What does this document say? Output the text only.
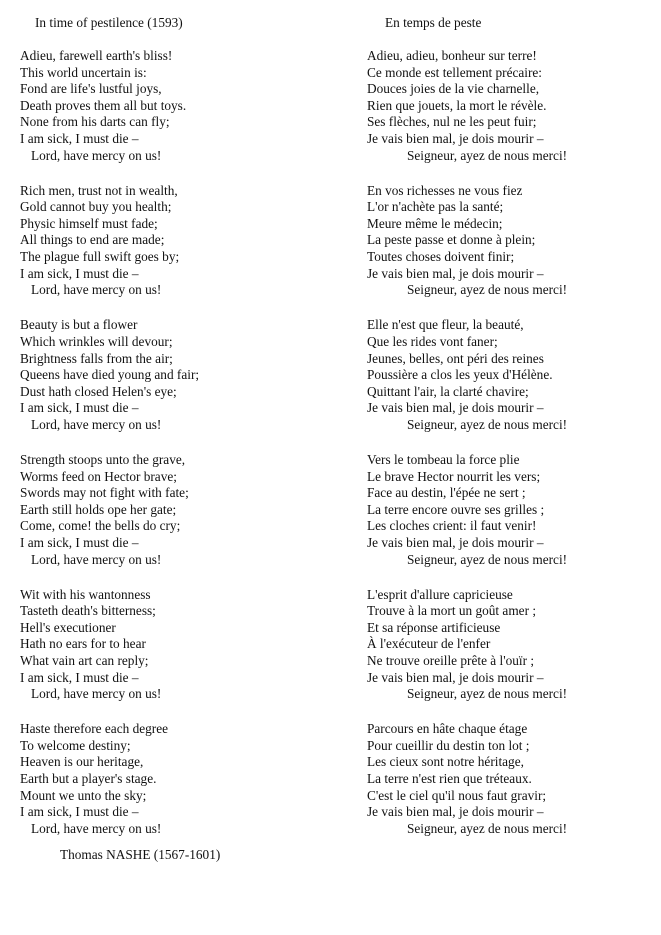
In time of pestilence (1593)	En temps de peste
Adieu, farewell earth's bliss!
This world uncertain is:
Fond are life's lustful joys,
Death proves them all but toys.
None from his darts can fly;
I am sick, I must die –
Lord, have mercy on us!
Rich men, trust not in wealth,
Gold cannot buy you health;
Physic himself must fade;
All things to end are made;
The plague full swift goes by;
I am sick, I must die –
Lord, have mercy on us!
Beauty is but a flower
Which wrinkles will devour;
Brightness falls from the air;
Queens have died young and fair;
Dust hath closed Helen's eye;
I am sick, I must die –
Lord, have mercy on us!
Strength stoops unto the grave,
Worms feed on Hector brave;
Swords may not fight with fate;
Earth still holds ope her gate;
Come, come! the bells do cry;
I am sick, I must die –
Lord, have mercy on us!
Wit with his wantonness
Tasteth death's bitterness;
Hell's executioner
Hath no ears for to hear
What vain art can reply;
I am sick, I must die –
Lord, have mercy on us!
Haste therefore each degree
To welcome destiny;
Heaven is our heritage,
Earth but a player's stage.
Mount we unto the sky;
I am sick, I must die –
Lord, have mercy on us!
Adieu, adieu, bonheur sur terre!
Ce monde est tellement précaire:
Douces joies de la vie charnelle,
Rien que jouets, la mort le révèle.
Ses flèches, nul ne les peut fuir;
Je vais bien mal, je dois mourir –
Seigneur, ayez de nous merci!
En vos richesses ne vous fiez
L'or n'achète pas la santé;
Meure même le médecin;
La peste passe et donne à plein;
Toutes choses doivent finir;
Je vais bien mal, je dois mourir –
Seigneur, ayez de nous merci!
Elle n'est que fleur, la beauté,
Que les rides vont faner;
Jeunes, belles, ont péri des reines
Poussière a clos les yeux d'Hélène.
Quittant l'air, la clarté chavire;
Je vais bien mal, je dois mourir –
Seigneur, ayez de nous merci!
Vers le tombeau la force plie
Le brave Hector nourrit les vers;
Face au destin, l'épée ne sert ;
La terre encore ouvre ses grilles ;
Les cloches crient: il faut venir!
Je vais bien mal, je dois mourir –
Seigneur, ayez de nous merci!
L'esprit d'allure capricieuse
Trouve à la mort un goût amer ;
Et sa réponse artificieuse
À l'exécuteur de l'enfer
Ne trouve oreille prête à l'ouïr ;
Je vais bien mal, je dois mourir –
Seigneur, ayez de nous merci!
Parcours en hâte chaque étage
Pour cueillir du destin ton lot ;
Les cieux sont notre héritage,
La terre n'est rien que tréteaux.
C'est le ciel qu'il nous faut gravir;
Je vais bien mal, je dois mourir –
Seigneur, ayez de nous merci!
Thomas NASHE (1567-1601)
